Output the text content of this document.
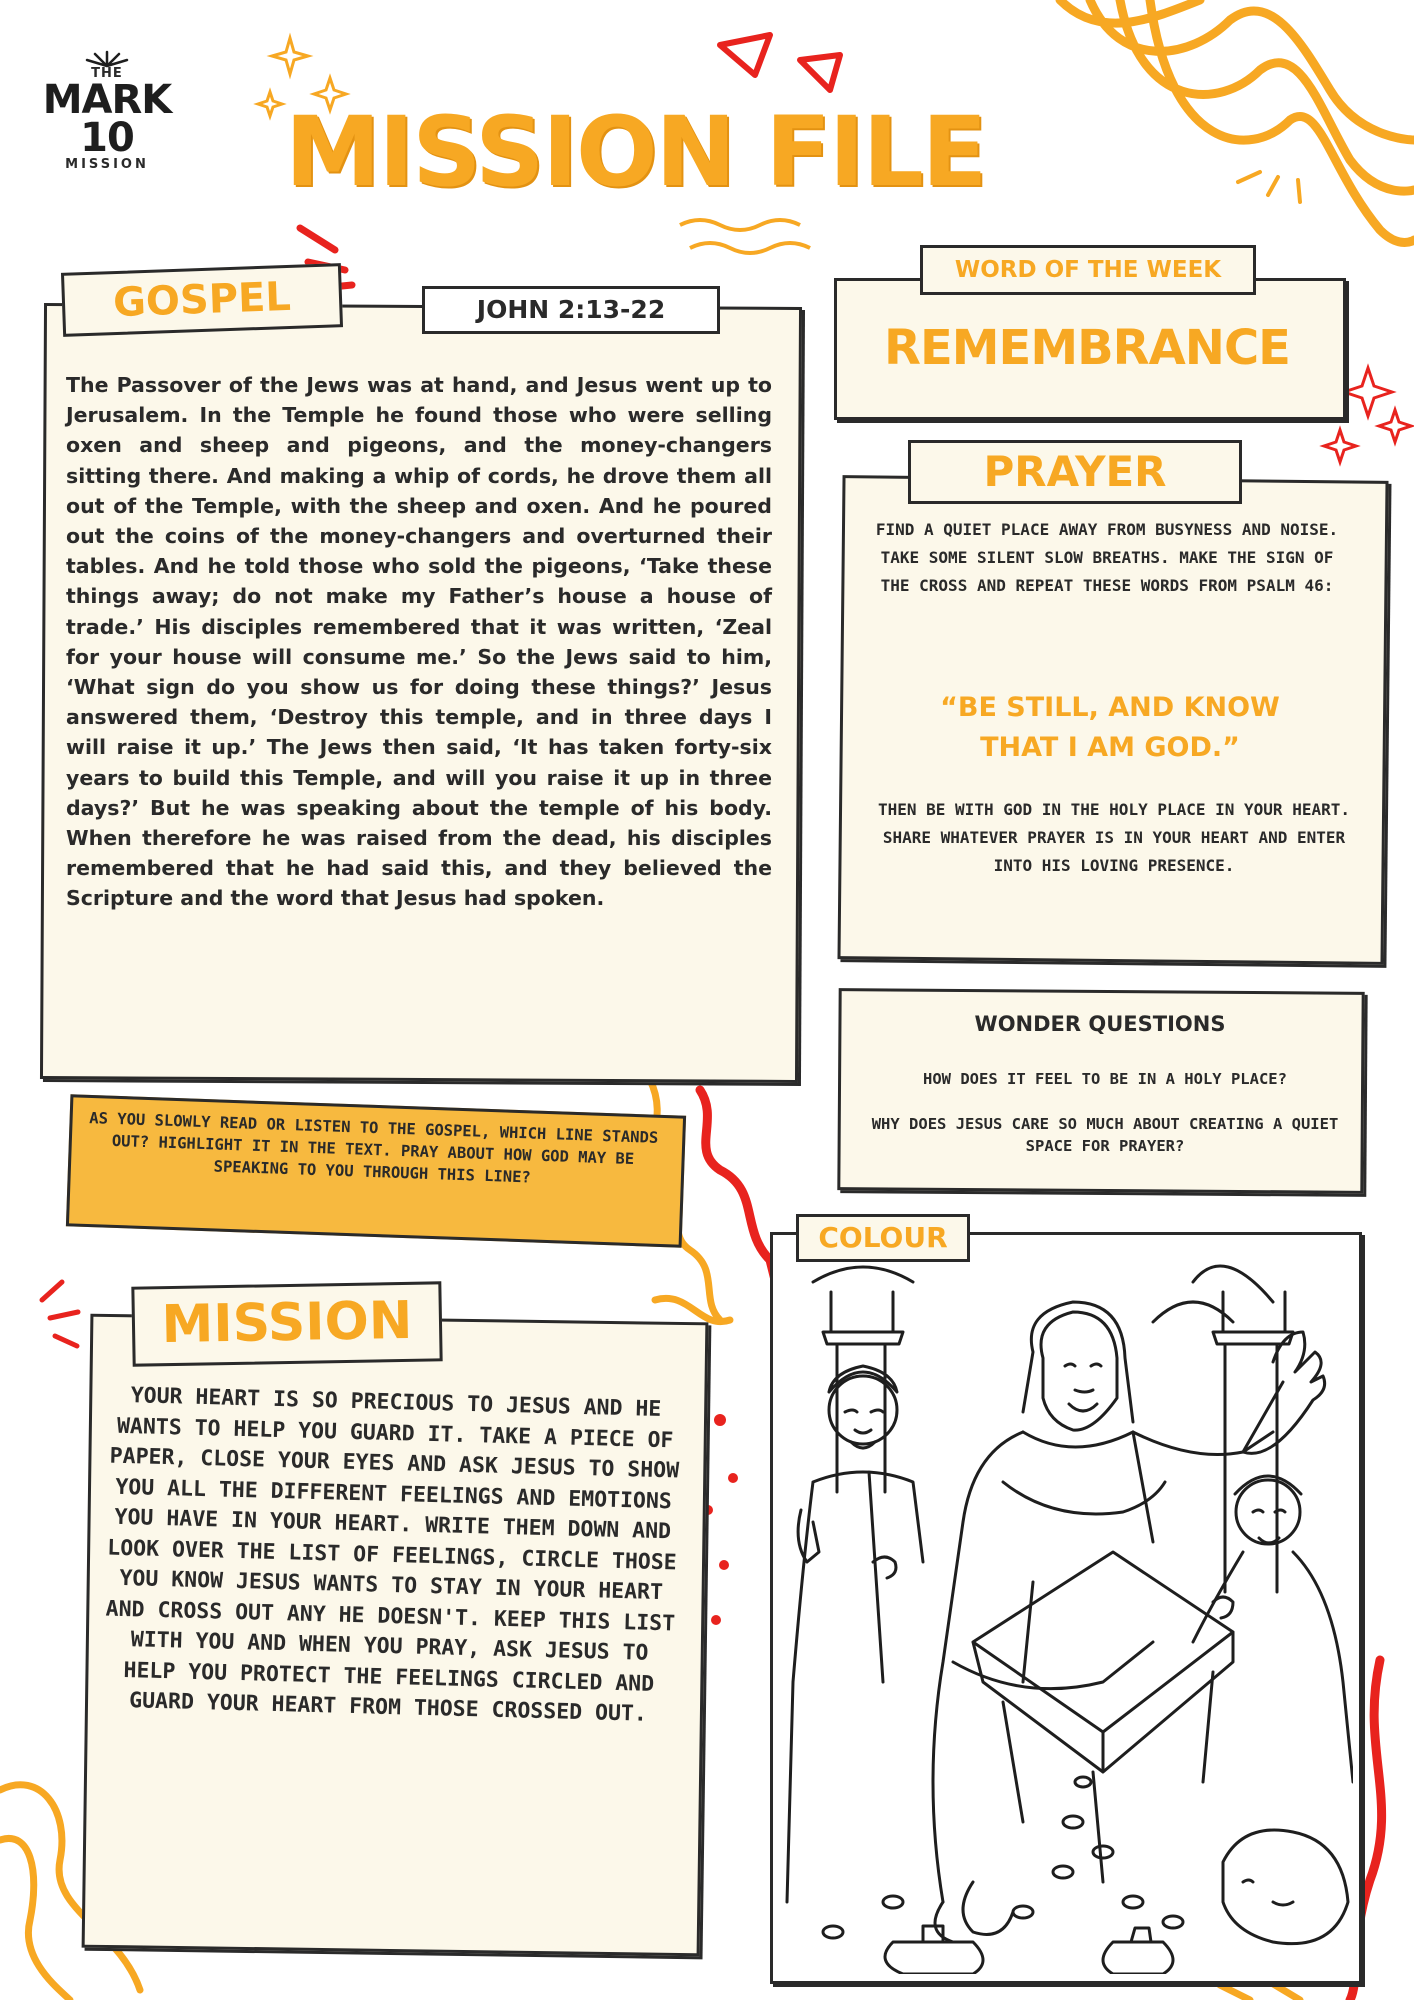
THE
MARK 10
MISSION	MISSION FILE
GOSPEL	JOHN 2:13-22
The Passover of the Jews was at hand, and Jesus went up to Jerusalem. In the Temple he found those who were selling oxen and sheep and pigeons, and the money-changers sitting there. And making a whip of cords, he drove them all out of the Temple, with the sheep and oxen. And he poured out the coins of the money-changers and overturned their tables. And he told those who sold the pigeons, ‘Take these things away; do not make my Father’s house a house of trade.’ His disciples remembered that it was written, ‘Zeal for your house will consume me.’ So the Jews said to him, ‘What sign do you show us for doing these things?’ Jesus answered them, ‘Destroy this temple, and in three days I will raise it up.’ The Jews then said, ‘It has taken forty-six years to build this Temple, and will you raise it up in three days?’ But he was speaking about the temple of his body. When therefore he was raised from the dead, his disciples remembered that he had said this, and they believed the Scripture and the word that Jesus had spoken.
WORD OF THE WEEK
REMEMBRANCE
PRAYER
FIND A QUIET PLACE AWAY FROM BUSYNESS AND NOISE. TAKE SOME SILENT SLOW BREATHS. MAKE THE SIGN OF THE CROSS AND REPEAT THESE WORDS FROM PSALM 46:
“BE STILL, AND KNOW THAT I AM GOD.”
THEN BE WITH GOD IN THE HOLY PLACE IN YOUR HEART. SHARE WHATEVER PRAYER IS IN YOUR HEART AND ENTER INTO HIS LOVING PRESENCE.
WONDER QUESTIONS
HOW DOES IT FEEL TO BE IN A HOLY PLACE?
WHY DOES JESUS CARE SO MUCH ABOUT CREATING A QUIET SPACE FOR PRAYER?
AS YOU SLOWLY READ OR LISTEN TO THE GOSPEL, WHICH LINE STANDS OUT? HIGHLIGHT IT IN THE TEXT. PRAY ABOUT HOW GOD MAY BE SPEAKING TO YOU THROUGH THIS LINE?
MISSION
YOUR HEART IS SO PRECIOUS TO JESUS AND HE WANTS TO HELP YOU GUARD IT. TAKE A PIECE OF PAPER, CLOSE YOUR EYES AND ASK JESUS TO SHOW YOU ALL THE DIFFERENT FEELINGS AND EMOTIONS YOU HAVE IN YOUR HEART. WRITE THEM DOWN AND LOOK OVER THE LIST OF FEELINGS, CIRCLE THOSE YOU KNOW JESUS WANTS TO STAY IN YOUR HEART AND CROSS OUT ANY HE DOESN'T. KEEP THIS LIST WITH YOU AND WHEN YOU PRAY, ASK JESUS TO HELP YOU PROTECT THE FEELINGS CIRCLED AND GUARD YOUR HEART FROM THOSE CROSSED OUT.
COLOUR
